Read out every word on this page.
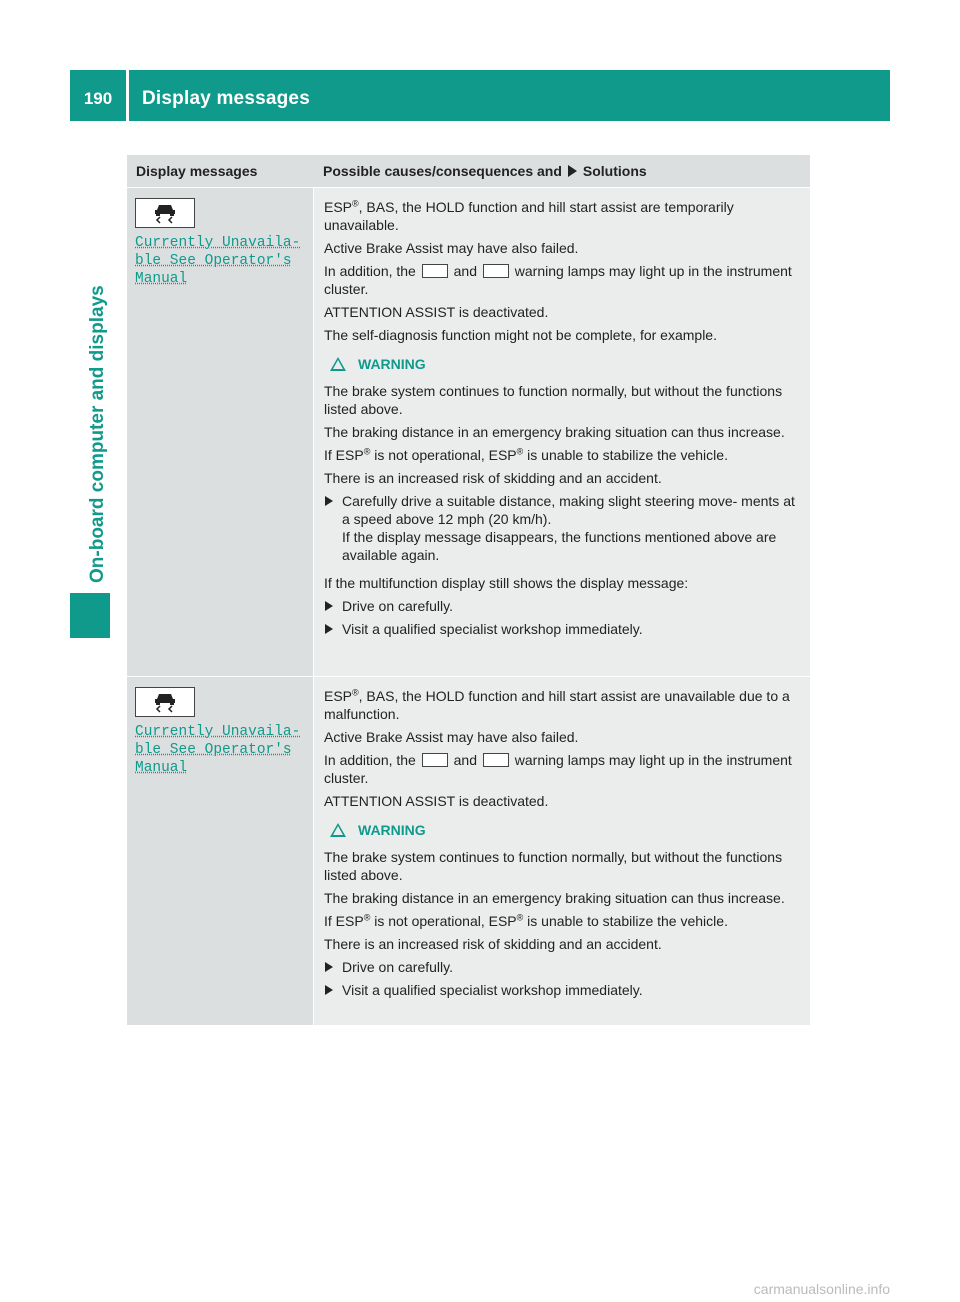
190	Display messages
On-board computer and displays
Display messages	Possible causes/consequences and Solutions
Currently Unavaila‐
ble See Operator's
Manual

ESP®, BAS, the HOLD function and hill start assist are temporarily unavailable.

Active Brake Assist may have also failed.

In addition, the	and	warning lamps may light up in the instrument cluster.

ATTENTION ASSIST is deactivated.

The self-diagnosis function might not be complete, for example.

WARNING

The brake system continues to function normally, but without the functions listed above.

The braking distance in an emergency braking situation can thus increase.

If ESP® is not operational, ESP® is unable to stabilize the vehicle.

There is an increased risk of skidding and an accident.

Carefully drive a suitable distance, making slight steering move‐ ments at a speed above 12 mph (20 km/h).
If the display message disappears, the functions mentioned above are available again.

If the multifunction display still shows the display message:

Drive on carefully.
Visit a qualified specialist workshop immediately.
Currently Unavaila‐
ble See Operator's
Manual

ESP®, BAS, the HOLD function and hill start assist are unavailable due to a malfunction.

Active Brake Assist may have also failed.

In addition, the	and	warning lamps may light up in the instrument cluster.

ATTENTION ASSIST is deactivated.

WARNING

The brake system continues to function normally, but without the functions listed above.

The braking distance in an emergency braking situation can thus increase.

If ESP® is not operational, ESP® is unable to stabilize the vehicle.

There is an increased risk of skidding and an accident.

Drive on carefully.
Visit a qualified specialist workshop immediately.
carmanualsonline.info
